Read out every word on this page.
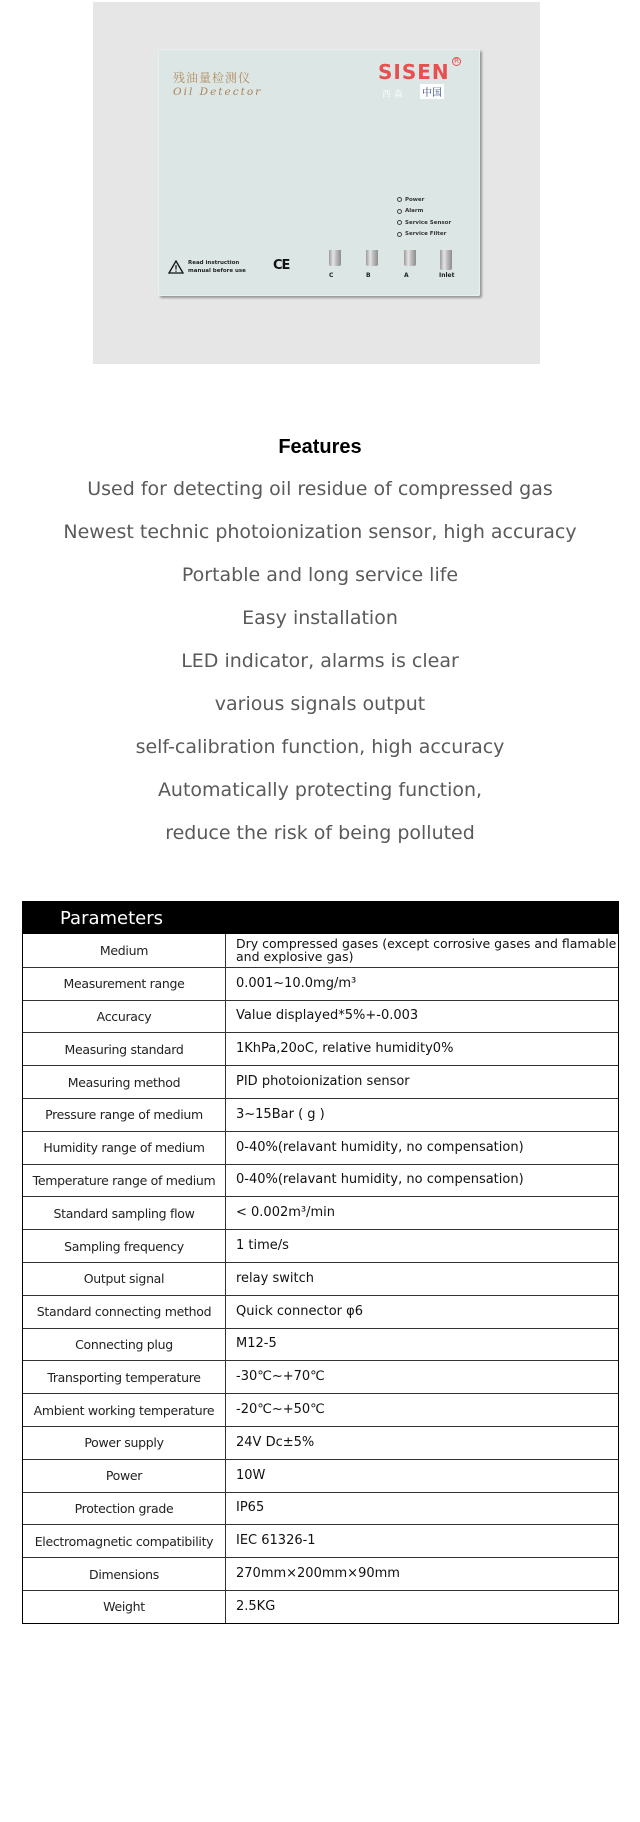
残油量检测仪
Oil Detector
SISEN R
西 森 中国
Power
Alarm
Service Sensor
Service Filter
Read instruction
manual before use CE
C	B	A	Inlet
Features
Used for detecting oil residue of compressed gas
Newest technic photoionization sensor, high accuracy
Portable and long service life
Easy installation
LED indicator, alarms is clear
various signals output
self-calibration function, high accuracy
Automatically protecting function,
reduce the risk of being polluted
Parameters
Medium	Dry compressed gases (except corrosive gases and flamable and explosive gas)
Measurement range	0.001~10.0mg/m³
Accuracy	Value displayed*5%+-0.003
Measuring standard	1KhPa,20oC, relative humidity0%
Measuring method	PID photoionization sensor
Pressure range of medium	3~15Bar ( g )
Humidity range of medium	0-40%(relavant humidity, no compensation)
Temperature range of medium	0-40%(relavant humidity, no compensation)
Standard sampling flow	< 0.002m³/min
Sampling frequency	1 time/s
Output signal	relay switch
Standard connecting method	Quick connector φ6
Connecting plug	M12-5
Transporting temperature	-30℃~+70℃
Ambient working temperature	-20℃~+50℃
Power supply	24V Dc±5%
Power	10W
Protection grade	IP65
Electromagnetic compatibility	IEC 61326-1
Dimensions	270mm×200mm×90mm
Weight	2.5KG
